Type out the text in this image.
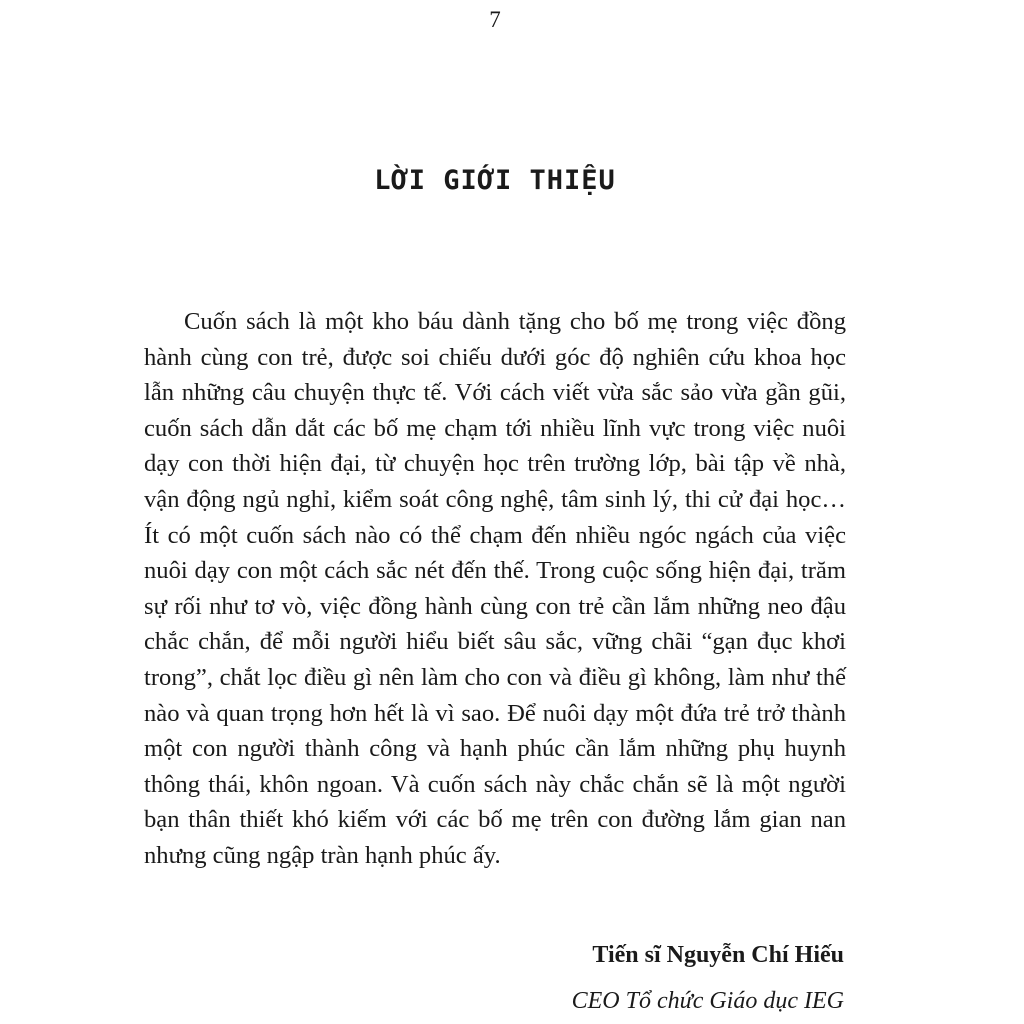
7
LỜI GIỚI THIỆU

Cuốn sách là một kho báu dành tặng cho bố mẹ trong việc đồng hành cùng con trẻ, được soi chiếu dưới góc độ nghiên cứu khoa học lẫn những câu chuyện thực tế. Với cách viết vừa sắc sảo vừa gần gũi, cuốn sách dẫn dắt các bố mẹ chạm tới nhiều lĩnh vực trong việc nuôi dạy con thời hiện đại, từ chuyện học trên trường lớp, bài tập về nhà, vận động ngủ nghỉ, kiểm soát công nghệ, tâm sinh lý, thi cử đại học… Ít có một cuốn sách nào có thể chạm đến nhiều ngóc ngách của việc nuôi dạy con một cách sắc nét đến thế. Trong cuộc sống hiện đại, trăm sự rối như tơ vò, việc đồng hành cùng con trẻ cần lắm những neo đậu chắc chắn, để mỗi người hiểu biết sâu sắc, vững chãi “gạn đục khơi trong”, chắt lọc điều gì nên làm cho con và điều gì không, làm như thế nào và quan trọng hơn hết là vì sao. Để nuôi dạy một đứa trẻ trở thành một con người thành công và hạnh phúc cần lắm những phụ huynh thông thái, khôn ngoan. Và cuốn sách này chắc chắn sẽ là một người bạn thân thiết khó kiếm với các bố mẹ trên con đường lắm gian nan nhưng cũng ngập tràn hạnh phúc ấy.

Tiến sĩ Nguyễn Chí Hiếu
CEO Tổ chức Giáo dục IEG
